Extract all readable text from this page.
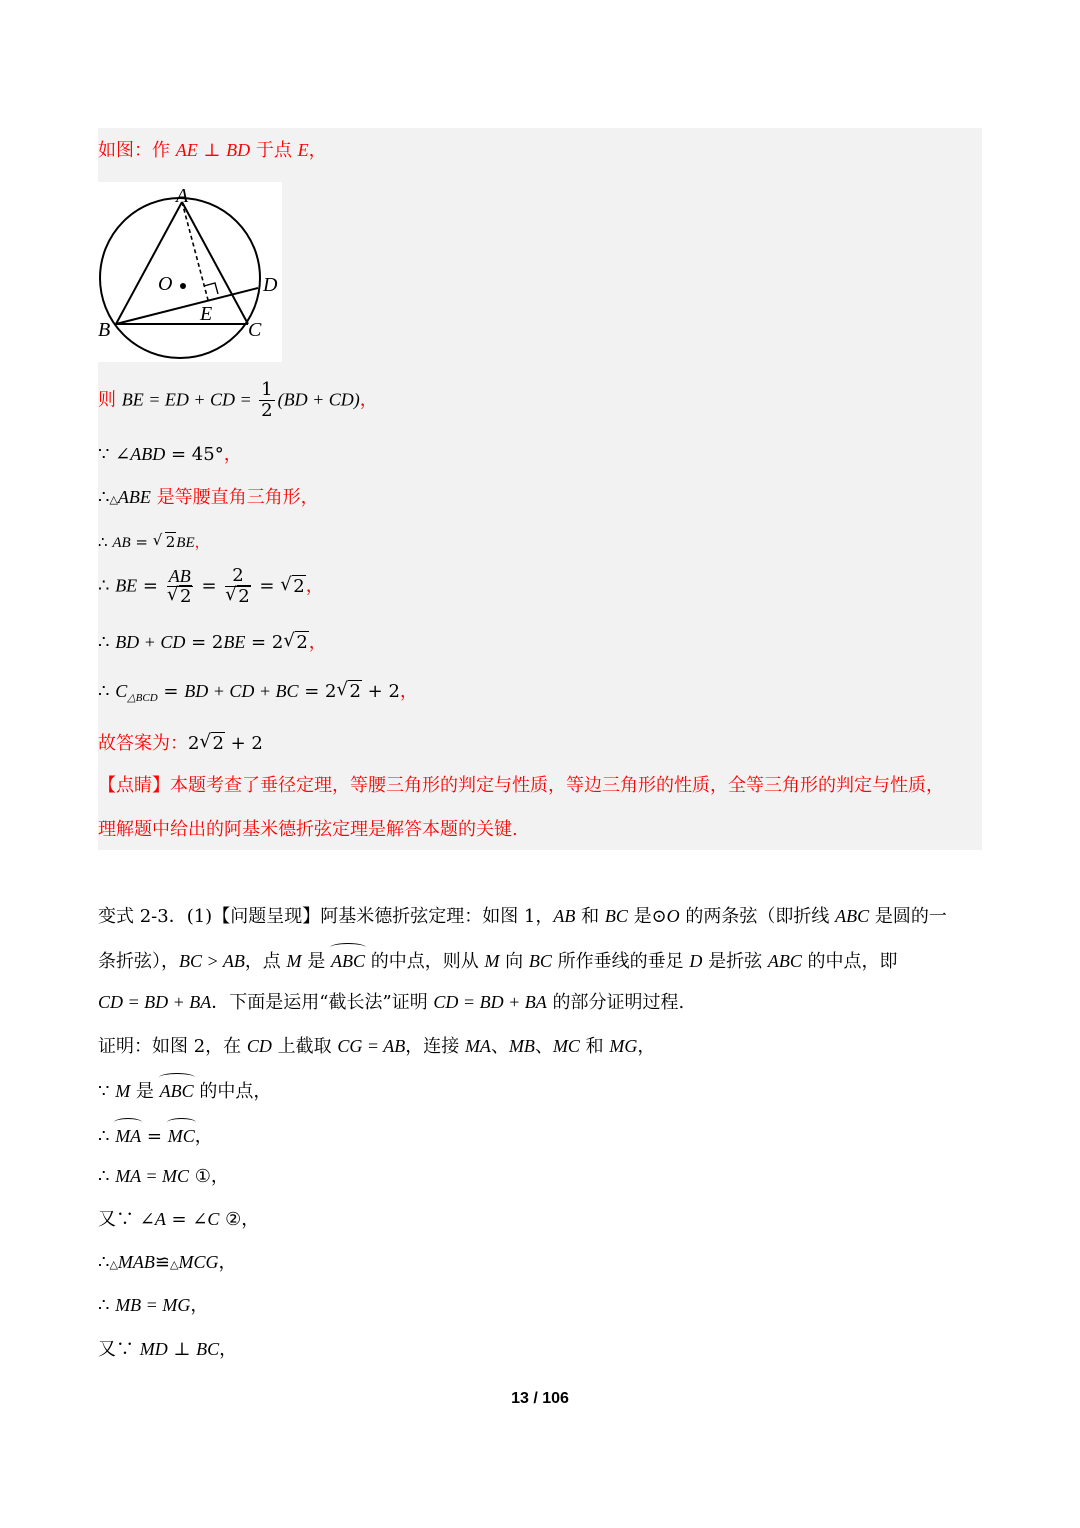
如图：作 AE ⊥ BD 于点 E，
A
O	D
E
B	C
则 BE = ED + CD = $\frac{1}{2} (BD + CD)$，
∵ ∠ABD = 45°，
∴△ABE 是等腰直角三角形，
∴ AB = √ 2BE，
∴ BE = AB
√ 2 = 2
√ 2 = √ 2，
∴ BD + CD = 2BE = 2 √ 2，
∴ $C_{\triangle BCD}$ = BD + CD + BC = 2 √ 2 + 2，
故答案为：2 √ 2 + 2
【点睛】本题考查了垂径定理，等腰三角形的判定与性质，等边三角形的性质，全等三角形的判定与性质，
理解题中给出的阿基米德折弦定理是解答本题的关键.
变式 2-3．(1)【问题呈现】阿基米德折弦定理：如图 1，AB 和 BC 是⊙O 的两条弦（即折线 ABC 是圆的一
条折弦），BC > AB，点 M 是 ABC 的中点，则从 M 向 BC 所作垂线的垂足 D 是折弦 ABC 的中点，即
CD = BD + BA．下面是运用“截长法”证明 CD = BD + BA 的部分证明过程.
证明：如图 2，在 CD 上截取 CG = AB，连接 MA、MB、MC 和 MG，
∵ M 是 ABC 的中点，
∴ MA = MC，
∴ MA = MC ①，
又∵ ∠A = ∠C ②，
∴△MAB≌△MCG，
∴ MB = MG，
又∵ MD ⊥ BC，
13 / 106
